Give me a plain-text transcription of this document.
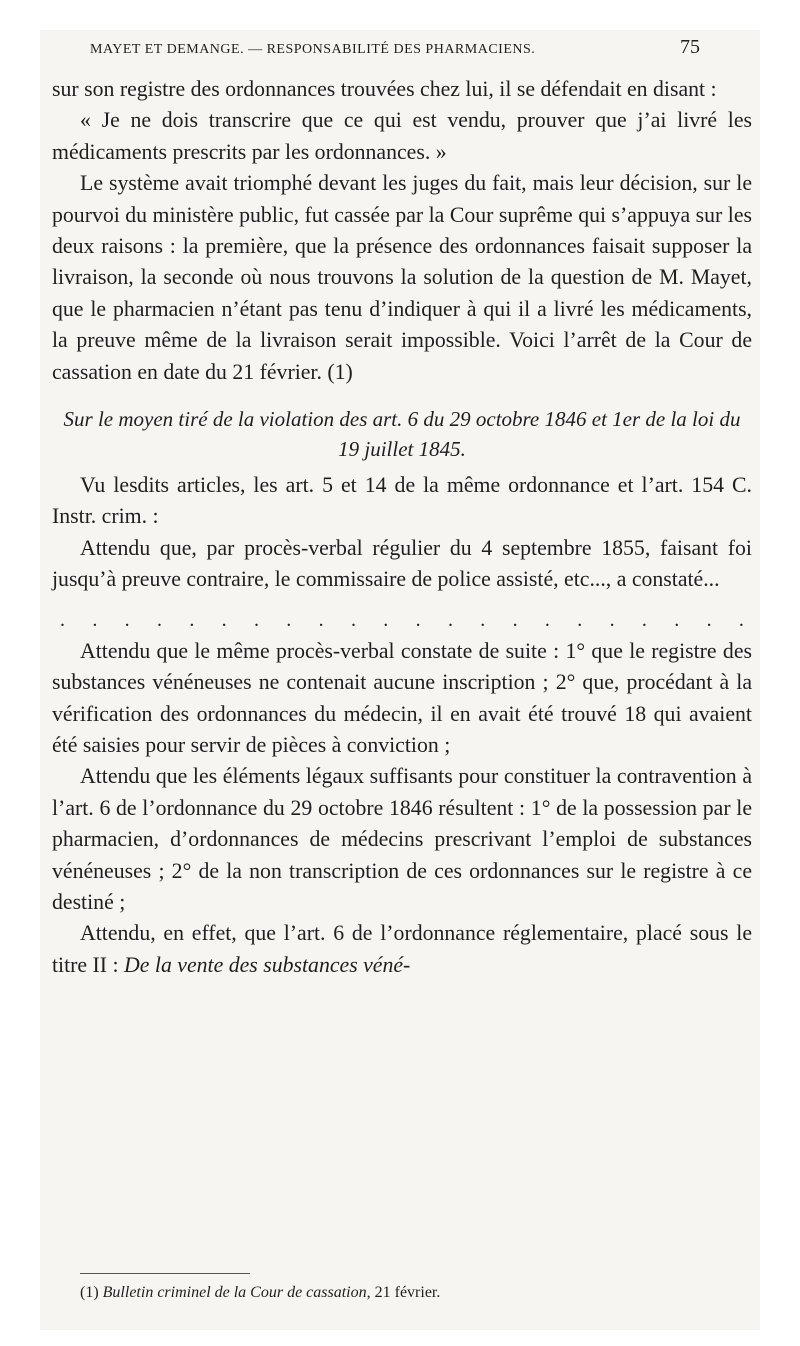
MAYET ET DEMANGE. — RESPONSABILITÉ DES PHARMACIENS.	75

sur son registre des ordonnances trouvées chez lui, il se défendait en disant :

« Je ne dois transcrire que ce qui est vendu, prouver que j’ai livré les médicaments prescrits par les ordonnances. »

Le système avait triomphé devant les juges du fait, mais leur décision, sur le pourvoi du ministère public, fut cassée par la Cour suprême qui s’appuya sur les deux raisons : la première, que la présence des ordonnances faisait supposer la livraison, la seconde où nous trouvons la solution de la question de M. Mayet, que le pharmacien n’étant pas tenu d’indiquer à qui il a livré les médicaments, la preuve même de la livraison serait impossible. Voici l’arrêt de la Cour de cassation en date du 21 février. (1)

Sur le moyen tiré de la violation des art. 6 du 29 octobre 1846 et 1er de la loi du 19 juillet 1845.

Vu lesdits articles, les art. 5 et 14 de la même ordonnance et l’art. 154 C. Instr. crim. :

Attendu que, par procès-verbal régulier du 4 septembre 1855, faisant foi jusqu’à preuve contraire, le commissaire de police assisté, etc..., a constaté...

. . . . . . . . . . . . . . . . . . . . . .

Attendu que le même procès-verbal constate de suite : 1° que le registre des substances vénéneuses ne contenait aucune inscription ; 2° que, procédant à la vérification des ordonnances du médecin, il en avait été trouvé 18 qui avaient été saisies pour servir de pièces à conviction ;

Attendu que les éléments légaux suffisants pour constituer la contravention à l’art. 6 de l’ordonnance du 29 octobre 1846 résultent : 1° de la possession par le pharmacien, d’ordonnances de médecins prescrivant l’emploi de substances vénéneuses ; 2° de la non transcription de ces ordonnances sur le registre à ce destiné ;

Attendu, en effet, que l’art. 6 de l’ordonnance réglementaire, placé sous le titre II : De la vente des substances véné-

(1) Bulletin criminel de la Cour de cassation, 21 février.
